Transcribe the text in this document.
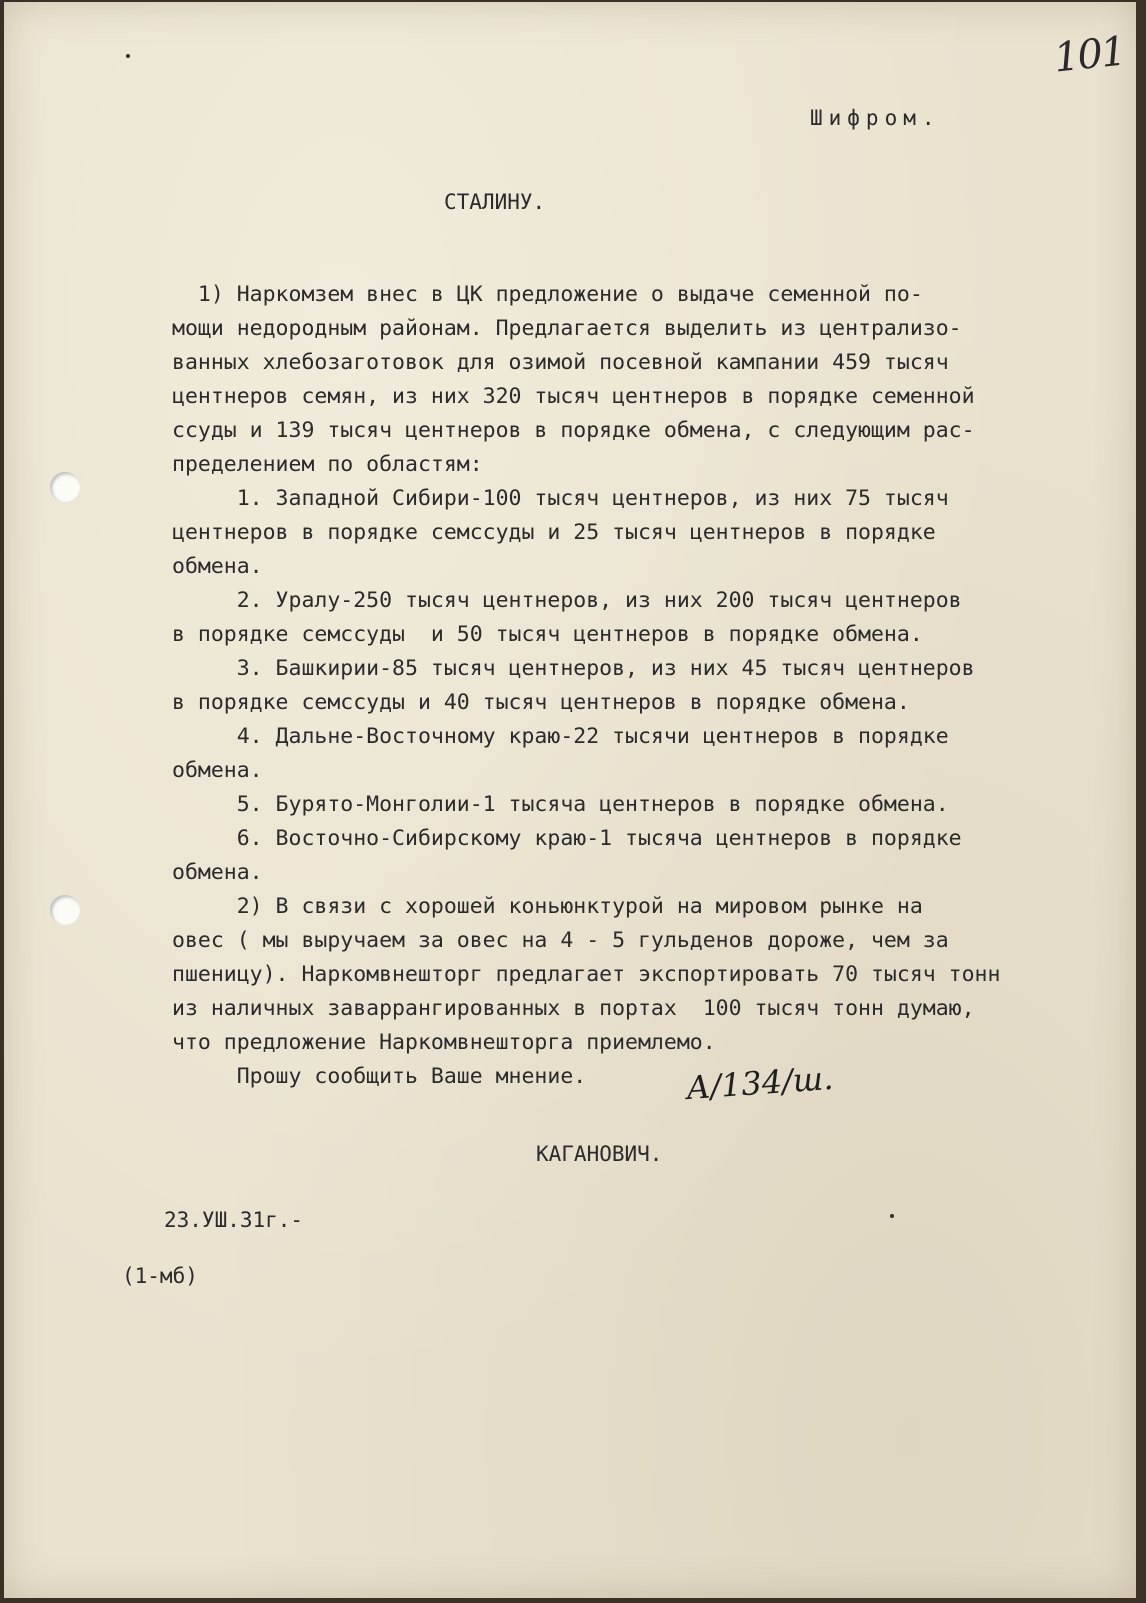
101
Шифром.
СТАЛИНУ.
1) Наркомзем внес в ЦК предложение о выдаче семенной по-
мощи недородным районам. Предлагается выделить из централизо-
ванных хлебозаготовок для озимой посевной кампании 459 тысяч
центнеров семян, из них 320 тысяч центнеров в порядке семенной
ссуды и 139 тысяч центнеров в порядке обмена, с следующим рас-
пределением по областям:
1. Западной Сибири-100 тысяч центнеров, из них 75 тысяч
центнеров в порядке семссуды и 25 тысяч центнеров в порядке
обмена.
2. Уралу-250 тысяч центнеров, из них 200 тысяч центнеров
в порядке семссуды  и 50 тысяч центнеров в порядке обмена.
3. Башкирии-85 тысяч центнеров, из них 45 тысяч центнеров
в порядке семссуды и 40 тысяч центнеров в порядке обмена.
4. Дальне-Восточному краю-22 тысячи центнеров в порядке
обмена.
5. Бурято-Монголии-1 тысяча центнеров в порядке обмена.
6. Восточно-Сибирскому краю-1 тысяча центнеров в порядке
обмена.
2) В связи с хорошей коньюнктурой на мировом рынке на
овес ( мы выручаем за овес на 4 - 5 гульденов дороже, чем за
пшеницу). Наркомвнешторг предлагает экспортировать 70 тысяч тонн
из наличных заваррангированных в портах  100 тысяч тонн думаю,
что предложение Наркомвнешторга приемлемо.
Прошу сообщить Ваше мнение.	А/134/ш.
КАГАНОВИЧ.
23.УШ.31г.-
(1-мб)
